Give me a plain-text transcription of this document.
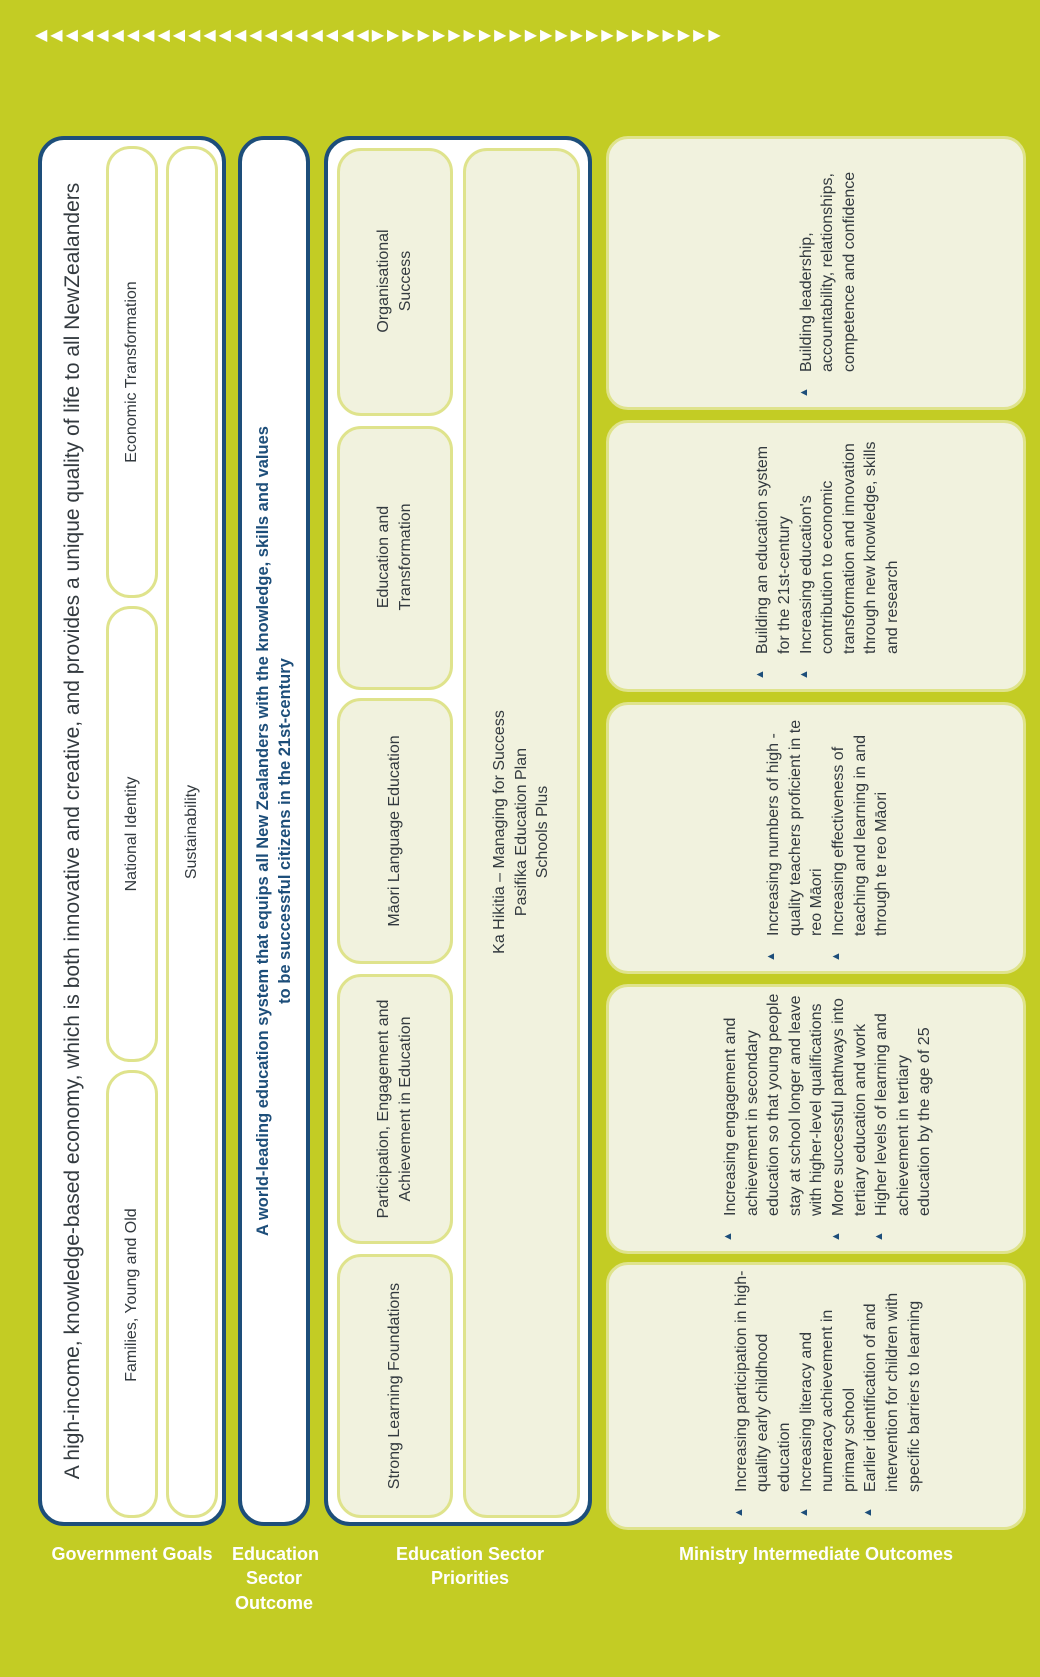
◀◀◀◀◀◀◀◀◀◀◀◀◀◀◀◀◀◀◀◀◀◀▶▶▶▶▶▶▶▶▶▶▶▶▶▶▶▶▶▶▶▶▶▶▶
A high-income, knowledge-based economy, which is both innovative and creative, and provides a unique quality of life to all NewZealanders Families, Young and Old
National Identity
Economic Transformation
Sustainability	A world-leading education system that equips all New Zealanders with the knowledge, skills and values to be successful citizens in the 21st-century
Strong Learning Foundations
Participation, Engagement and Achievement in Education
Māori Language Education
Education and Transformation
Organisational Success
Ka Hikitia – Managing for Success Pasifika Education Plan Schools Plus
▲ Increasing participation in high-quality early childhood education ▲ Increasing literacy and numeracy achievement in primary school ▲ Earlier identification of and intervention for children with specific barriers to learning
▲ Increasing engagement and achievement in secondary education so that young people stay at school longer and leave with higher-level qualifications ▲ More successful pathways into tertiary education and work ▲ Higher levels of learning and achievement in tertiary education by the age of 25
▲ Increasing numbers of high -quality teachers proficient in te reo Māori ▲ Increasing effectiveness of teaching and learning in and through te reo Māori
▲ Building an education system for the 21st-century ▲ Increasing education's contribution to economic transformation and innovation through new knowledge, skills and research
▲ Building leadership, accountability, relationships, competence and confidence
Government Goals	Education Sector Outcome
Education Sector Priorities
Ministry Intermediate Outcomes
